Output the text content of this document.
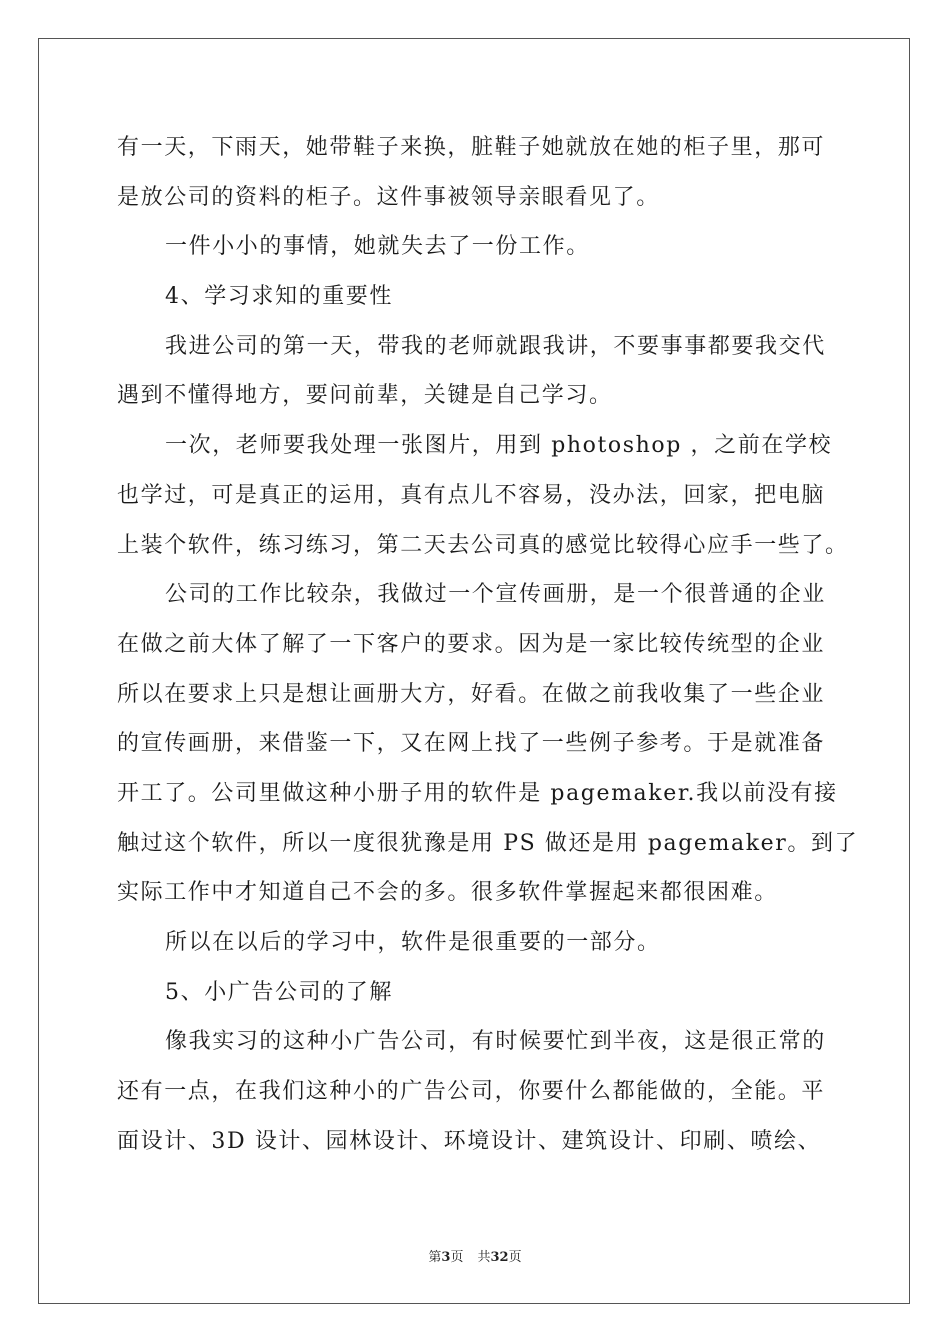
有一天，下雨天，她带鞋子来换，脏鞋子她就放在她的柜子里，那可
是放公司的资料的柜子。这件事被领导亲眼看见了。
一件小小的事情，她就失去了一份工作。
4、学习求知的重要性
我进公司的第一天，带我的老师就跟我讲，不要事事都要我交代
遇到不懂得地方，要问前辈，关键是自己学习。
一次，老师要我处理一张图片，用到 photoshop ，之前在学校
也学过，可是真正的运用，真有点儿不容易，没办法，回家，把电脑
上装个软件，练习练习，第二天去公司真的感觉比较得心应手一些了。
公司的工作比较杂，我做过一个宣传画册，是一个很普通的企业
在做之前大体了解了一下客户的要求。因为是一家比较传统型的企业
所以在要求上只是想让画册大方，好看。在做之前我收集了一些企业
的宣传画册，来借鉴一下，又在网上找了一些例子参考。于是就准备
开工了。公司里做这种小册子用的软件是 pagemaker.我以前没有接
触过这个软件，所以一度很犹豫是用 PS 做还是用 pagemaker。到了
实际工作中才知道自己不会的多。很多软件掌握起来都很困难。
所以在以后的学习中，软件是很重要的一部分。
5、小广告公司的了解
像我实习的这种小广告公司，有时候要忙到半夜，这是很正常的
还有一点，在我们这种小的广告公司，你要什么都能做的，全能。平
面设计、3D 设计、园林设计、环境设计、建筑设计、印刷、喷绘、
第3页 共32页
